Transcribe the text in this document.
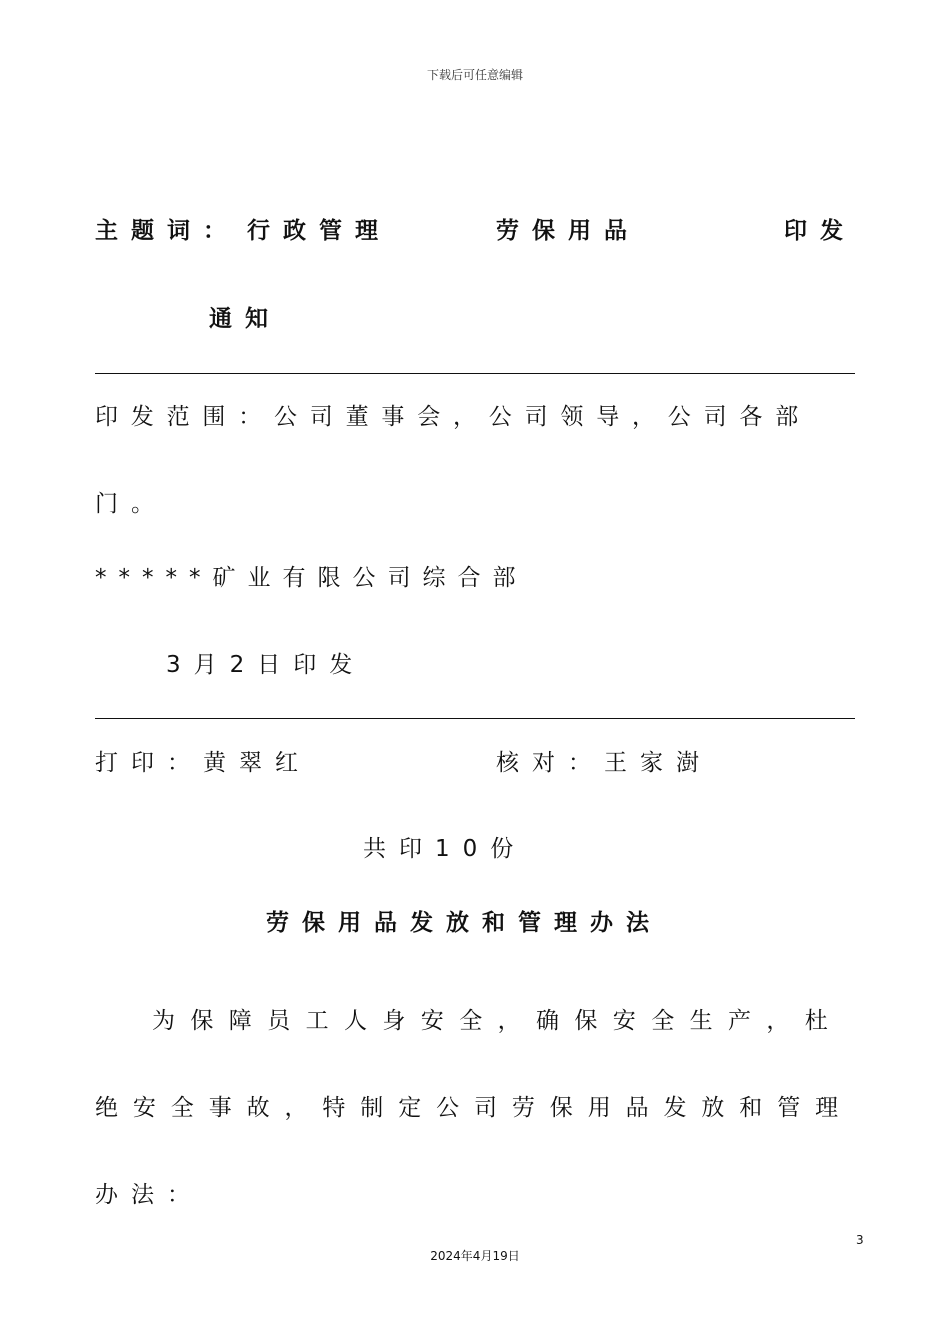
下载后可任意编辑
主题词： 行政管理	劳保用品	印发
通知
印发范围：公司董事会，公司领导，公司各部
门。
*****矿业有限公司综合部
3月2日印发
打印：黄翠红	核对：王家澍
共印10份
劳保用品发放和管理办法
为保障员工人身安全，确保安全生产，杜
绝安全事故，特制定公司劳保用品发放和管理
办法：
3
2024年4月19日
